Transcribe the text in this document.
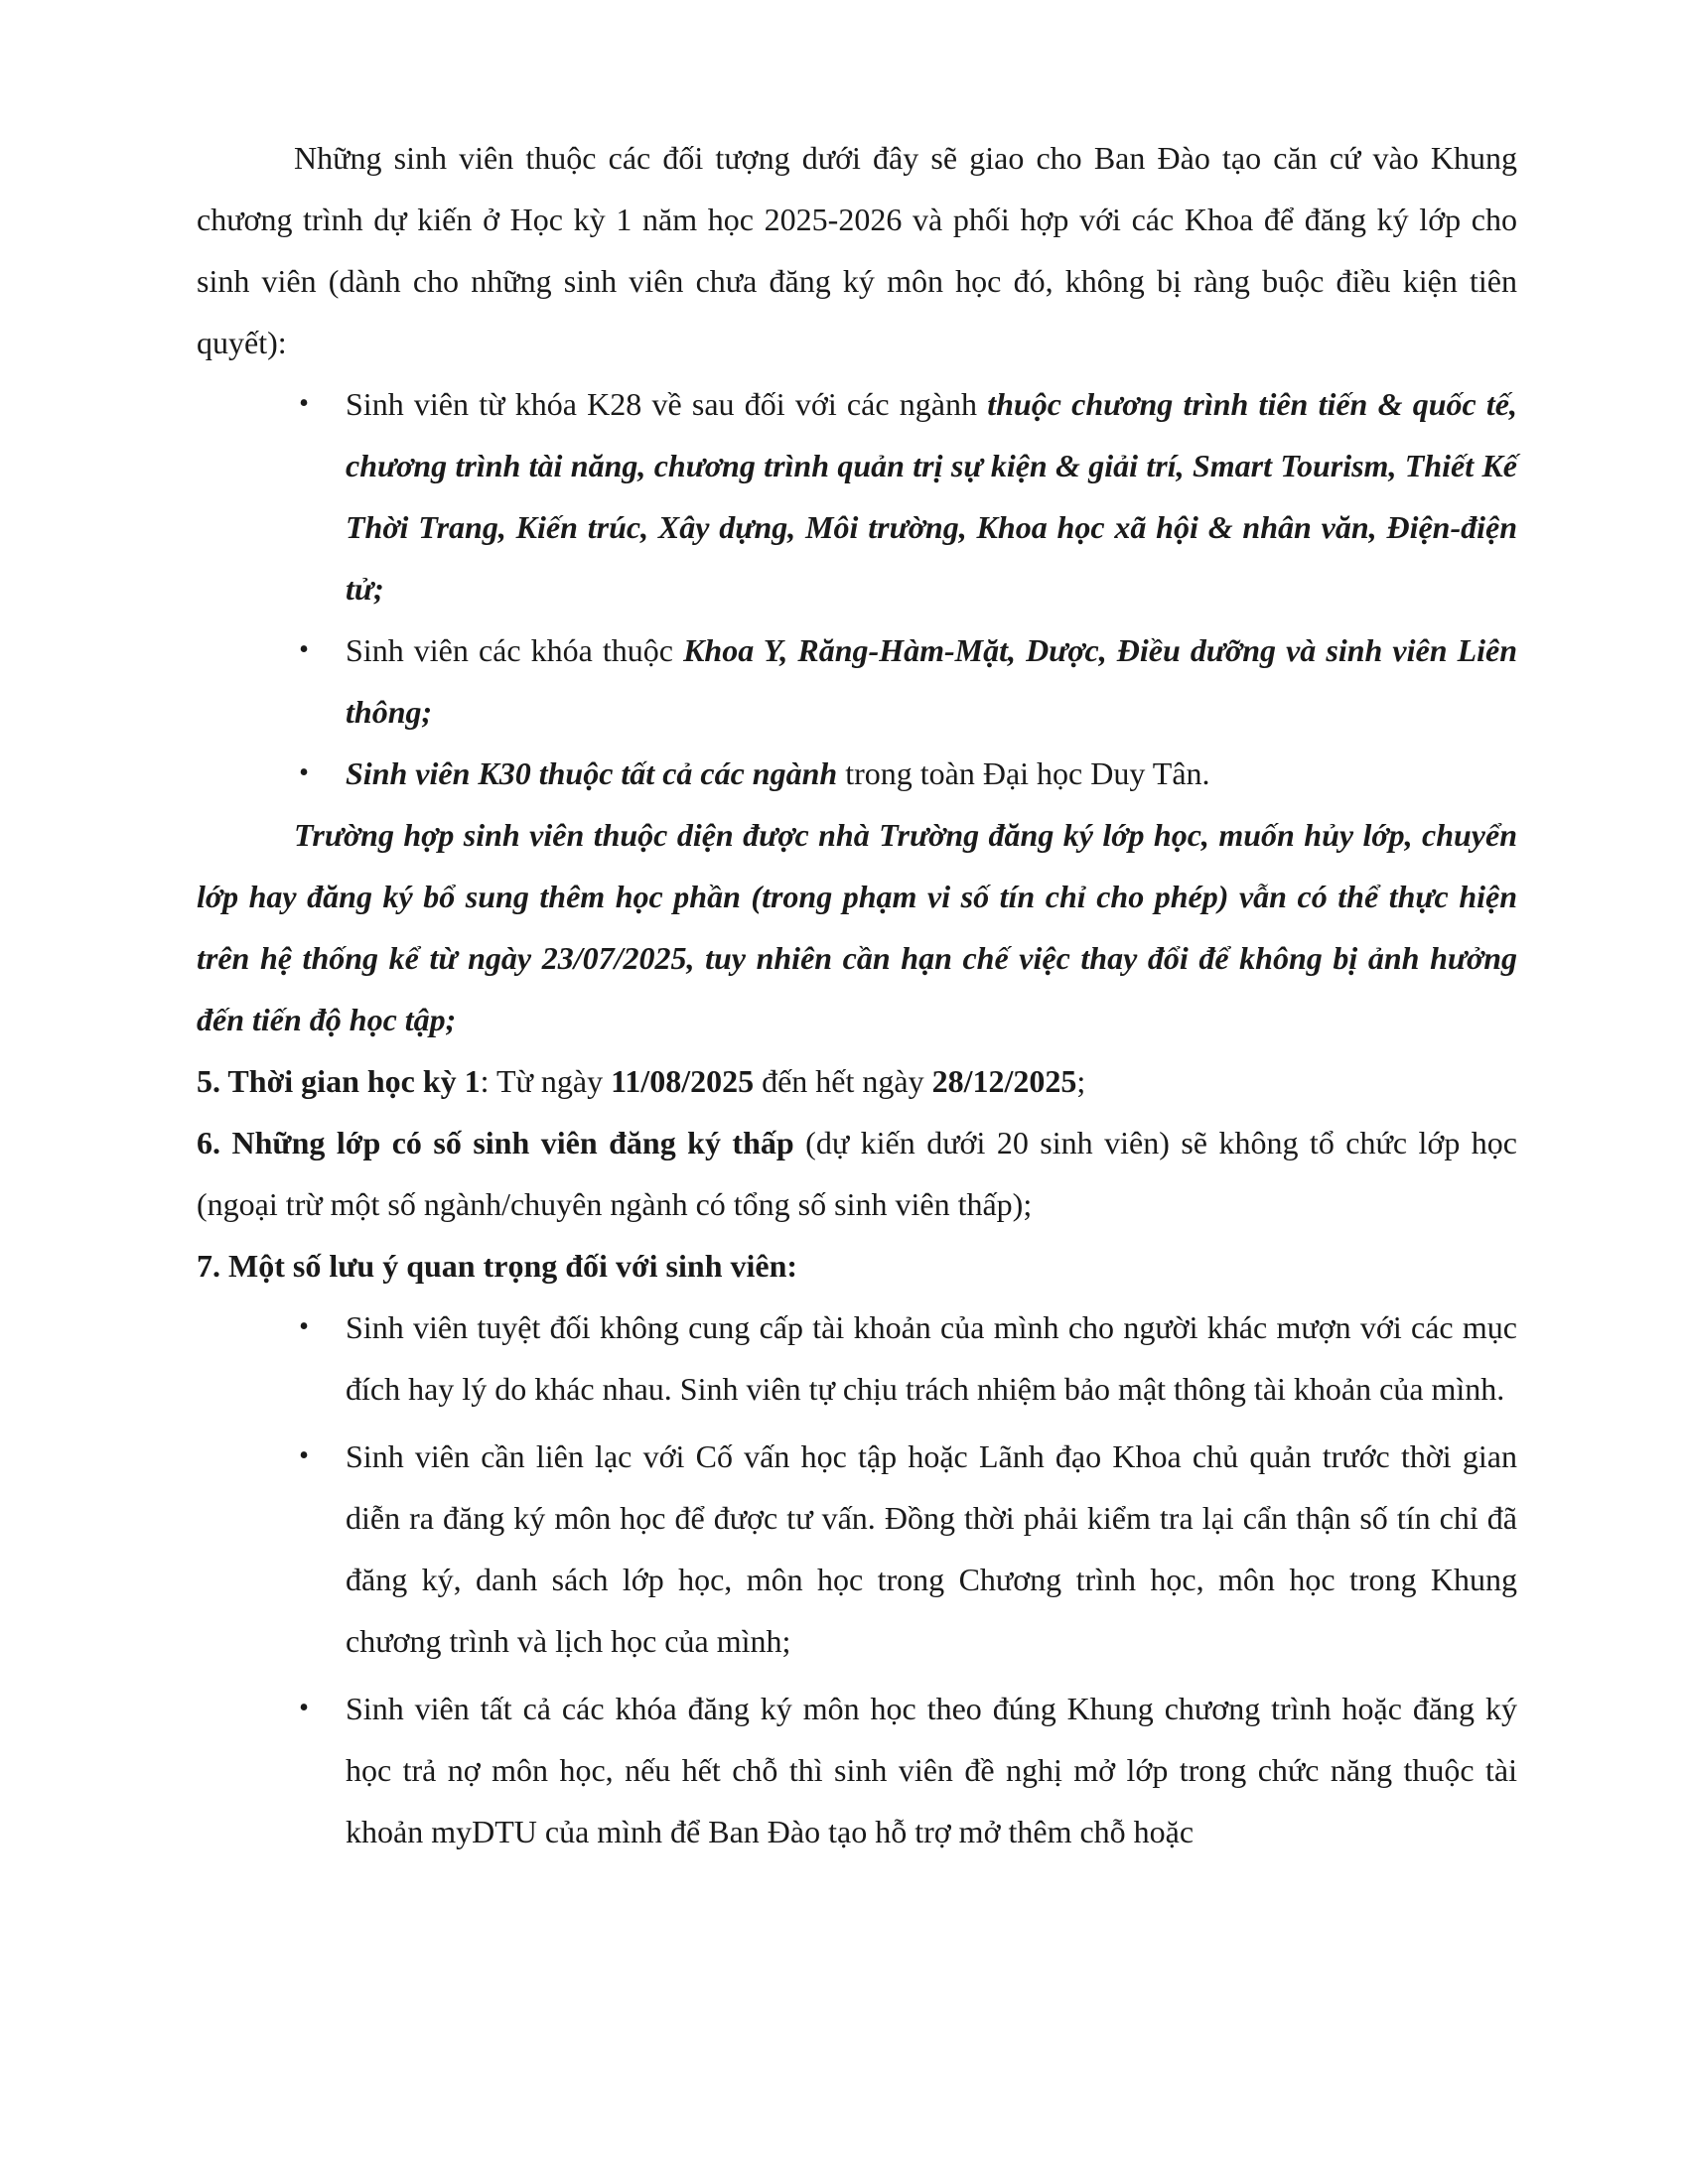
Những sinh viên thuộc các đối tượng dưới đây sẽ giao cho Ban Đào tạo căn cứ vào Khung chương trình dự kiến ở Học kỳ 1 năm học 2025-2026 và phối hợp với các Khoa để đăng ký lớp cho sinh viên (dành cho những sinh viên chưa đăng ký môn học đó, không bị ràng buộc điều kiện tiên quyết):

• Sinh viên từ khóa K28 về sau đối với các ngành thuộc chương trình tiên tiến & quốc tế, chương trình tài năng, chương trình quản trị sự kiện & giải trí, Smart Tourism, Thiết Kế Thời Trang, Kiến trúc, Xây dựng, Môi trường, Khoa học xã hội & nhân văn, Điện-điện tử;
• Sinh viên các khóa thuộc Khoa Y, Răng-Hàm-Mặt, Dược, Điều dưỡng và sinh viên Liên thông;
• Sinh viên K30 thuộc tất cả các ngành trong toàn Đại học Duy Tân.

Trường hợp sinh viên thuộc diện được nhà Trường đăng ký lớp học, muốn hủy lớp, chuyển lớp hay đăng ký bổ sung thêm học phần (trong phạm vi số tín chỉ cho phép) vẫn có thể thực hiện trên hệ thống kể từ ngày 23/07/2025, tuy nhiên cần hạn chế việc thay đổi để không bị ảnh hưởng đến tiến độ học tập;

5. Thời gian học kỳ 1: Từ ngày 11/08/2025 đến hết ngày 28/12/2025;

6. Những lớp có số sinh viên đăng ký thấp (dự kiến dưới 20 sinh viên) sẽ không tổ chức lớp học (ngoại trừ một số ngành/chuyên ngành có tổng số sinh viên thấp);

7. Một số lưu ý quan trọng đối với sinh viên:

• Sinh viên tuyệt đối không cung cấp tài khoản của mình cho người khác mượn với các mục đích hay lý do khác nhau. Sinh viên tự chịu trách nhiệm bảo mật thông tài khoản của mình.
• Sinh viên cần liên lạc với Cố vấn học tập hoặc Lãnh đạo Khoa chủ quản trước thời gian diễn ra đăng ký môn học để được tư vấn. Đồng thời phải kiểm tra lại cẩn thận số tín chỉ đã đăng ký, danh sách lớp học, môn học trong Chương trình học, môn học trong Khung chương trình và lịch học của mình;
• Sinh viên tất cả các khóa đăng ký môn học theo đúng Khung chương trình hoặc đăng ký học trả nợ môn học, nếu hết chỗ thì sinh viên đề nghị mở lớp trong chức năng thuộc tài khoản myDTU của mình để Ban Đào tạo hỗ trợ mở thêm chỗ hoặc
